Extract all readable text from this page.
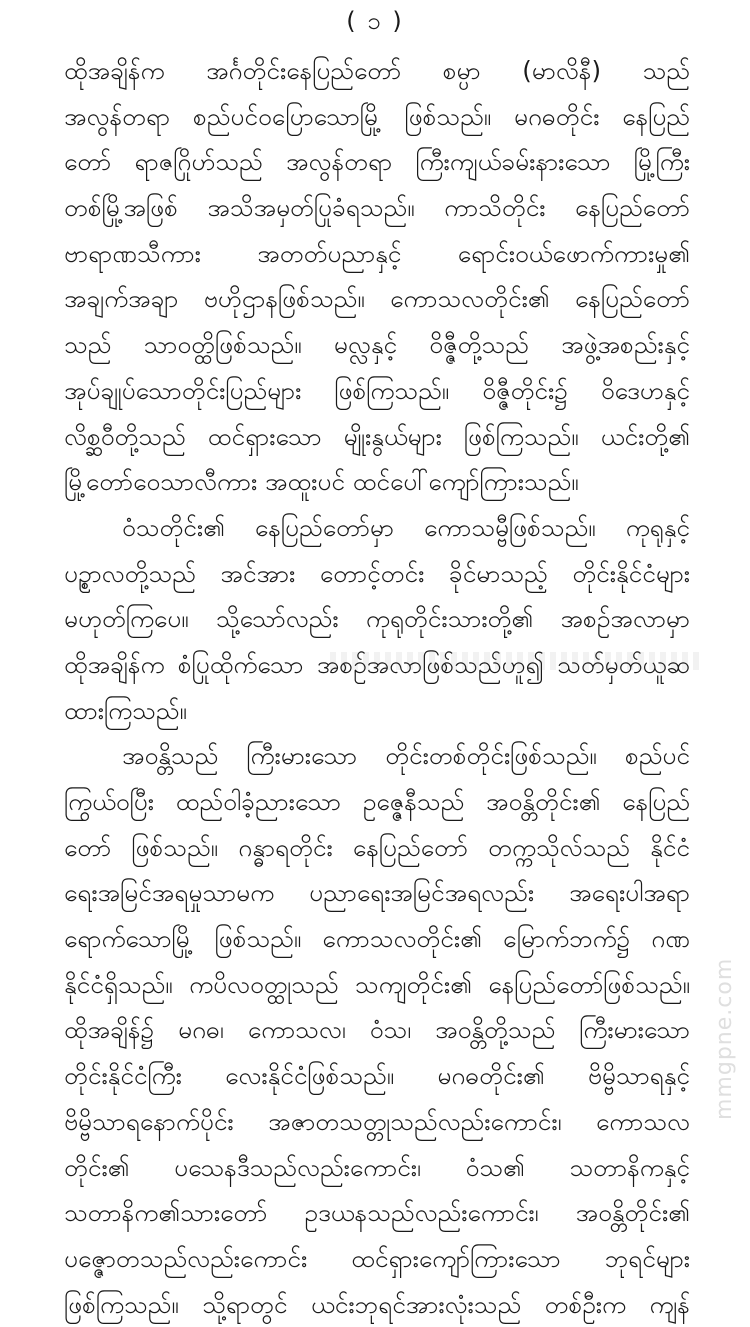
( ၁ )
ထိုအချိန်က အင်္ဂတိုင်းနေပြည်တော် စမ္ပာ (မာလိနီ) သည်
အလွန်တရာ စည်ပင်ဝပြောသောမြို့ ဖြစ်သည်။ မဂဓတိုင်း နေပြည်
တော် ရာဇဂြိုဟ်သည် အလွန်တရာ ကြီးကျယ်ခမ်းနားသော မြို့ကြီး
တစ်မြို့အဖြစ် အသိအမှတ်ပြုခံရသည်။ ကာသိတိုင်း နေပြည်တော်
ဗာရာဏသီကား အတတ်ပညာနှင့် ရောင်းဝယ်ဖောက်ကားမှု၏
အချက်အချာ ဗဟိုဌာနဖြစ်သည်။ ကောသလတိုင်း၏ နေပြည်တော်
သည် သာဝတ္ထိဖြစ်သည်။ မလ္လနှင့် ဝိဇ္ဇီတို့သည် အဖွဲ့အစည်းနှင့်
အုပ်ချုပ်သောတိုင်းပြည်များ ဖြစ်ကြသည်။ ဝိဇ္ဇီတိုင်း၌ ဝိဒေဟနှင့်
လိစ္ဆဝီတို့သည် ထင်ရှားသော မျိုးနွယ်များ ဖြစ်ကြသည်။ ယင်းတို့၏
မြို့တော်ဝေသာလီကား အထူးပင် ထင်ပေါ်ကျော်ကြားသည်။
ဝံသတိုင်း၏ နေပြည်တော်မှာ ကောသမ္ဗီဖြစ်သည်။ ကုရုနှင့်
ပဉ္စာလတို့သည် အင်အား တောင့်တင်း ခိုင်မာသည့် တိုင်းနိုင်ငံများ
မဟုတ်ကြပေ။ သို့သော်လည်း ကုရုတိုင်းသားတို့၏ အစဉ်အလာမှာ
ထိုအချိန်က စံပြုထိုက်သော အစဉ်အလာဖြစ်သည်ဟူ၍ သတ်မှတ်ယူဆ
ထားကြသည်။
အဝန္တိသည် ကြီးမားသော တိုင်းတစ်တိုင်းဖြစ်သည်။ စည်ပင်
ကြွယ်ဝပြီး ထည်ဝါခံ့ညားသော ဥဇ္ဇေနီသည် အဝန္တိတိုင်း၏ နေပြည်
တော် ဖြစ်သည်။ ဂန္ဓာရတိုင်း နေပြည်တော် တက္ကသိုလ်သည် နိုင်ငံ
ရေးအမြင်အရမှုသာမက ပညာရေးအမြင်အရလည်း အရေးပါအရာ
ရောက်သောမြို့ ဖြစ်သည်။ ကောသလတိုင်း၏ မြောက်ဘက်၌ ဂဏ
နိုင်ငံရှိသည်။ ကပိလဝတ္ထုသည် သကျတိုင်း၏ နေပြည်တော်ဖြစ်သည်။
ထိုအချိန်၌ မဂဓ၊ ကောသလ၊ ဝံသ၊ အဝန္တိတို့သည် ကြီးမားသော
တိုင်းနိုင်ငံကြီး လေးနိုင်ငံဖြစ်သည်။ မဂဓတိုင်း၏ ဗိမ္ဗိသာရနှင့်
ဗိမ္ဗိသာရနောက်ပိုင်း အဇာတသတ္တုသည်လည်းကောင်း၊ ကောသလ
တိုင်း၏ ပသေနဒီသည်လည်းကောင်း၊ ဝံသ၏ သတာနိကနှင့်
သတာနိက၏သားတော် ဥဒယနသည်လည်းကောင်း၊ အဝန္တိတိုင်း၏
ပဇ္ဇောတသည်လည်းကောင်း ထင်ရှားကျော်ကြားသော ဘုရင်များ
ဖြစ်ကြသည်။ သို့ရာတွင် ယင်းဘုရင်အားလုံးသည် တစ်ဦးက ကျန်
mmgpne.com
